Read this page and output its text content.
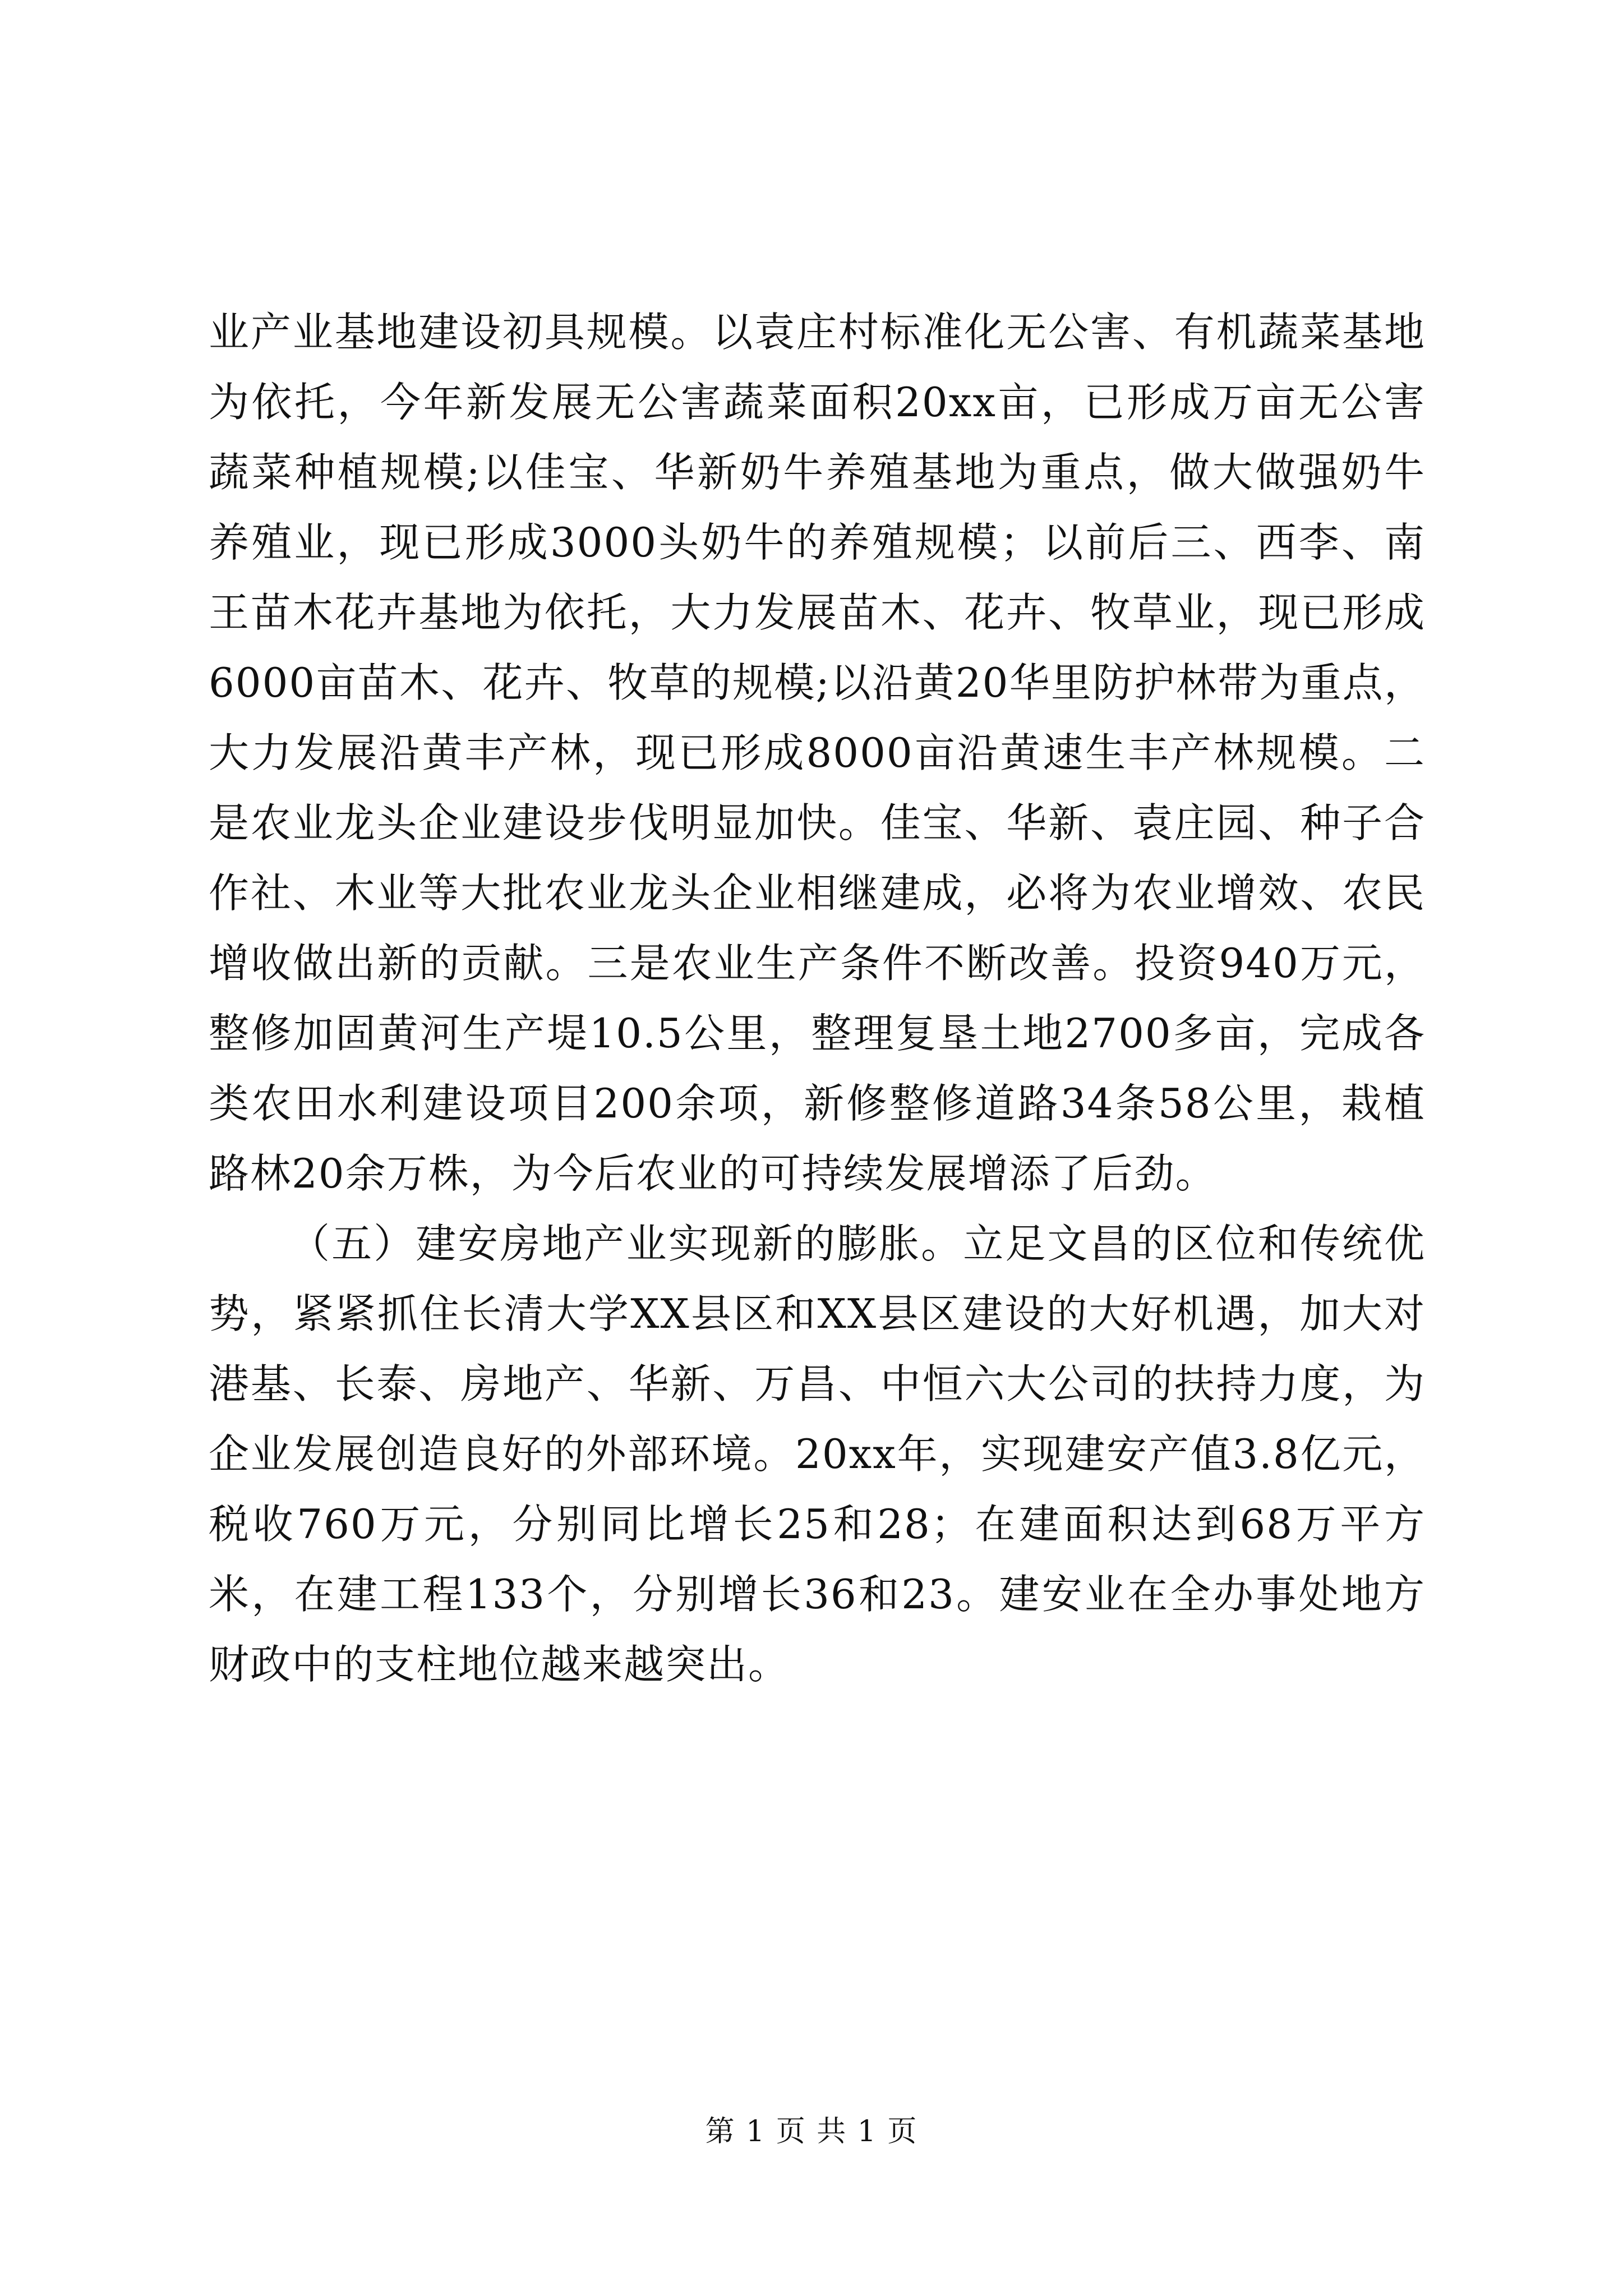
业产业基地建设初具规模。以袁庄村标准化无公害、有机蔬菜基地为依托，今年新发展无公害蔬菜面积20xx亩，已形成万亩无公害蔬菜种植规模;以佳宝、华新奶牛养殖基地为重点，做大做强奶牛养殖业，现已形成3000头奶牛的养殖规模；以前后三、西李、南王苗木花卉基地为依托，大力发展苗木、花卉、牧草业，现已形成6000亩苗木、花卉、牧草的规模;以沿黄20华里防护林带为重点，大力发展沿黄丰产林，现已形成8000亩沿黄速生丰产林规模。二是农业龙头企业建设步伐明显加快。佳宝、华新、袁庄园、种子合作社、木业等大批农业龙头企业相继建成，必将为农业增效、农民增收做出新的贡献。三是农业生产条件不断改善。投资940万元，整修加固黄河生产堤10.5公里，整理复垦土地2700多亩，完成各类农田水利建设项目200余项，新修整修道路34条58公里，栽植路林20余万株，为今后农业的可持续发展增添了后劲。

（五）建安房地产业实现新的膨胀。立足文昌的区位和传统优势，紧紧抓住长清大学XX县区和XX县区建设的大好机遇，加大对港基、长泰、房地产、华新、万昌、中恒六大公司的扶持力度，为企业发展创造良好的外部环境。20xx年，实现建安产值3.8亿元，税收760万元，分别同比增长25和28；在建面积达到68万平方米，在建工程133个，分别增长36和23。建安业在全办事处地方财政中的支柱地位越来越突出。

第 1 页 共 1 页
